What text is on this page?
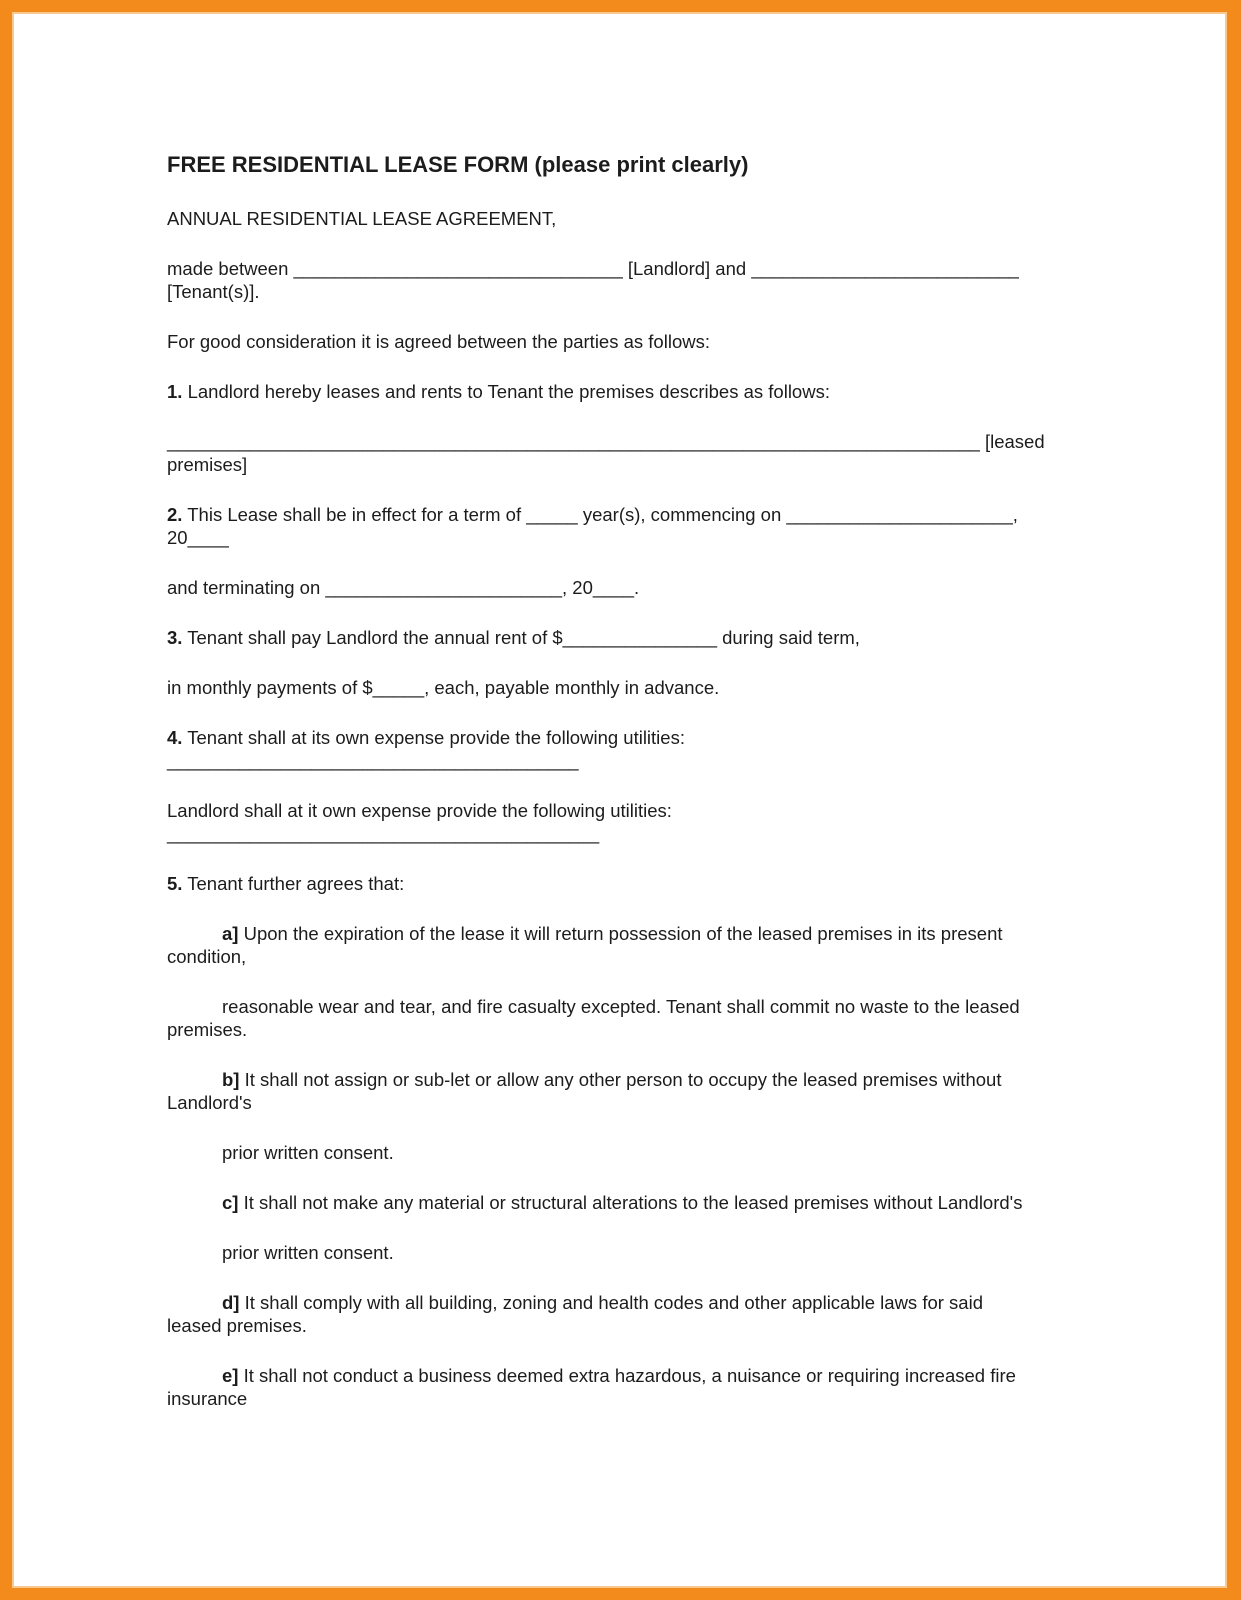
FREE RESIDENTIAL LEASE FORM (please print clearly)
ANNUAL RESIDENTIAL LEASE AGREEMENT,
made between ________________________________ [Landlord] and __________________________
[Tenant(s)].
For good consideration it is agreed between the parties as follows:
1. Landlord hereby leases and rents to Tenant the premises describes as follows:
_______________________________________________________________________________ [leased
premises]
2. This Lease shall be in effect for a term of _____ year(s), commencing on ______________________,
20____
and terminating on _______________________, 20____.
3. Tenant shall pay Landlord the annual rent of $_______________ during said term,
in monthly payments of $_____, each, payable monthly in advance.
4. Tenant shall at its own expense provide the following utilities:
________________________________________
Landlord shall at it own expense provide the following utilities:
__________________________________________
5. Tenant further agrees that:
a] Upon the expiration of the lease it will return possession of the leased premises in its present
condition,
reasonable wear and tear, and fire casualty excepted. Tenant shall commit no waste to the leased
premises.
b] It shall not assign or sub-let or allow any other person to occupy the leased premises without
Landlord's
prior written consent.
c] It shall not make any material or structural alterations to the leased premises without Landlord's
prior written consent.
d] It shall comply with all building, zoning and health codes and other applicable laws for said
leased premises.
e] It shall not conduct a business deemed extra hazardous, a nuisance or requiring increased fire
insurance
